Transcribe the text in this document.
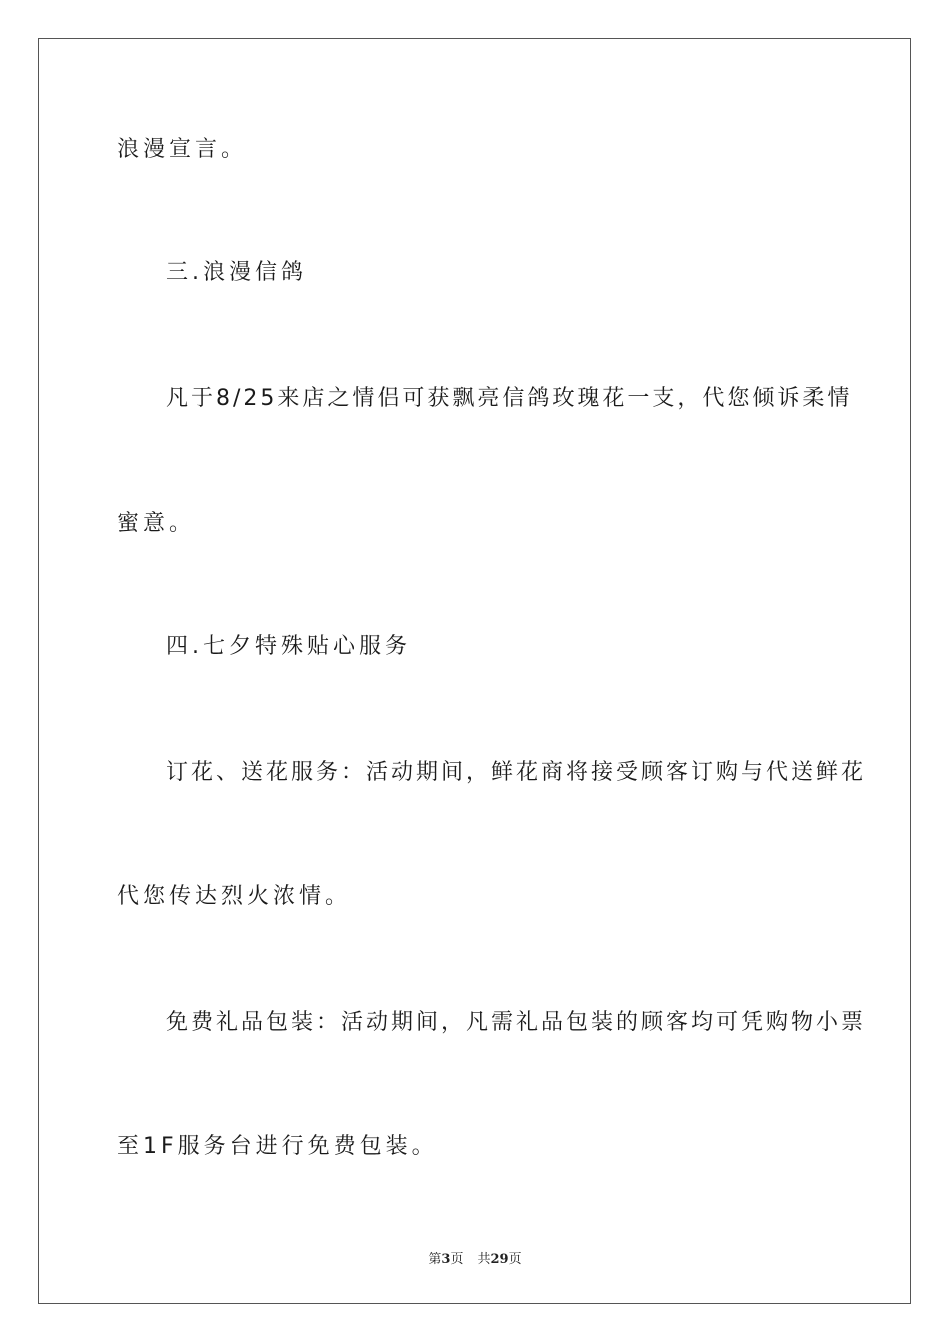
浪漫宣言。
三.浪漫信鸽
凡于8/25来店之情侣可获飘亮信鸽玫瑰花一支，代您倾诉柔情
蜜意。
四.七夕特殊贴心服务
订花、送花服务：活动期间，鲜花商将接受顾客订购与代送鲜花
代您传达烈火浓情。
免费礼品包装：活动期间，凡需礼品包装的顾客均可凭购物小票
至1F服务台进行免费包装。
第3页 共29页
